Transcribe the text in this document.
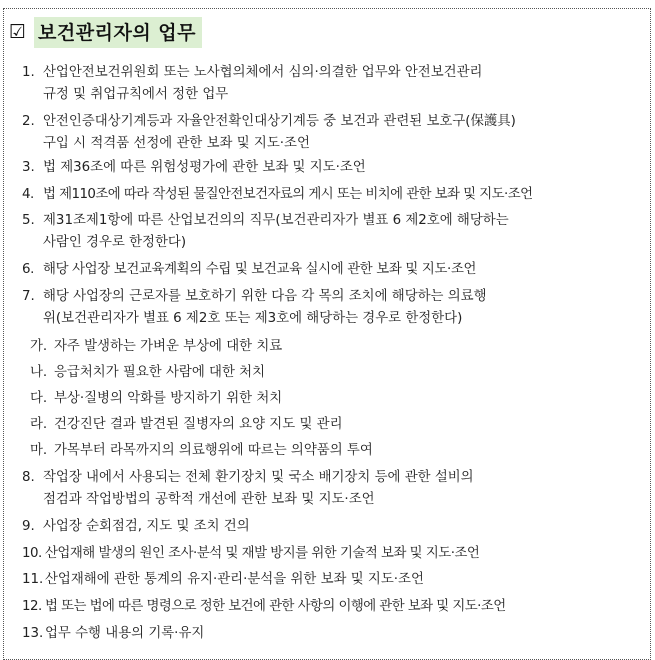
☑ 보건관리자의 업무
1. 산업안전보건위원회 또는 노사협의체에서 심의·의결한 업무와 안전보건관리
규정 및 취업규칙에서 정한 업무
2. 안전인증대상기계등과 자율안전확인대상기계등 중 보건과 관련된 보호구(保護具)
구입 시 적격품 선정에 관한 보좌 및 지도·조언
3. 법 제36조에 따른 위험성평가에 관한 보좌 및 지도·조언
4. 법 제110조에 따라 작성된 물질안전보건자료의 게시 또는 비치에 관한 보좌 및 지도·조언
5. 제31조제1항에 따른 산업보건의의 직무(보건관리자가 별표 6 제2호에 해당하는
사람인 경우로 한정한다)
6. 해당 사업장 보건교육계획의 수립 및 보건교육 실시에 관한 보좌 및 지도·조언
7. 해당 사업장의 근로자를 보호하기 위한 다음 각 목의 조치에 해당하는 의료행
위(보건관리자가 별표 6 제2호 또는 제3호에 해당하는 경우로 한정한다)
가. 자주 발생하는 가벼운 부상에 대한 치료
나. 응급처치가 필요한 사람에 대한 처치
다. 부상·질병의 악화를 방지하기 위한 처치
라. 건강진단 결과 발견된 질병자의 요양 지도 및 관리
마. 가목부터 라목까지의 의료행위에 따르는 의약품의 투여
8. 작업장 내에서 사용되는 전체 환기장치 및 국소 배기장치 등에 관한 설비의
점검과 작업방법의 공학적 개선에 관한 보좌 및 지도·조언
9. 사업장 순회점검, 지도 및 조치 건의
10. 산업재해 발생의 원인 조사·분석 및 재발 방지를 위한 기술적 보좌 및 지도·조언
11. 산업재해에 관한 통계의 유지·관리·분석을 위한 보좌 및 지도·조언
12. 법 또는 법에 따른 명령으로 정한 보건에 관한 사항의 이행에 관한 보좌 및 지도·조언
13. 업무 수행 내용의 기록·유지
